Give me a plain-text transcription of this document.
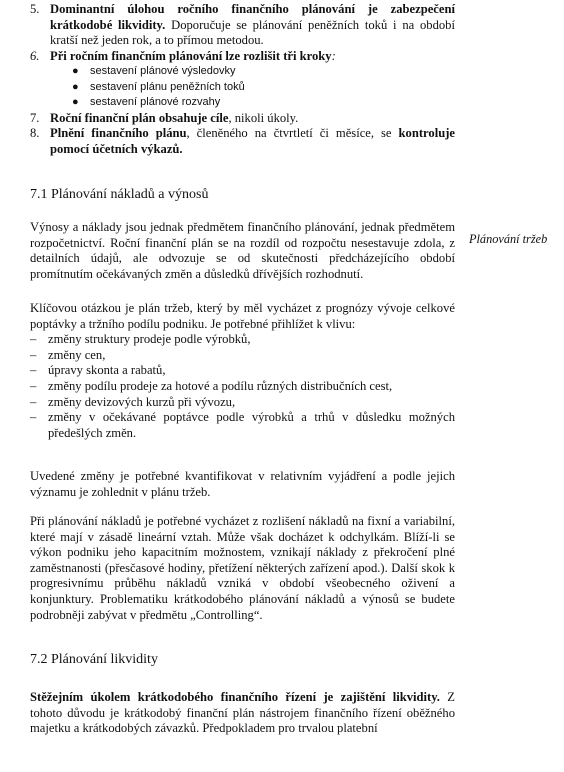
5. Dominantní úlohou ročního finančního plánování je zabezpečení krátkodobé likvidity. Doporučuje se plánování peněžních toků i na období kratší než jeden rok, a to přímou metodou.
6. Při ročním finančním plánování lze rozlišit tři kroky:
● sestavení plánové výsledovky
● sestavení plánu peněžních toků
● sestavení plánové rozvahy
7. Roční finanční plán obsahuje cíle, nikoli úkoly.
8. Plnění finančního plánu, členěného na čtvrtletí či měsíce, se kontroluje pomocí účetních výkazů.
7.1 Plánování nákladů a výnosů
Plánování tržeb

Výnosy a náklady jsou jednak předmětem finančního plánování, jednak předmětem rozpočetnictví. Roční finanční plán se na rozdíl od rozpočtu nesestavuje zdola, z detailních údajů, ale odvozuje se od skutečnosti předcházejícího období promítnutím očekávaných změn a důsledků dřívějších rozhodnutí.

Klíčovou otázkou je plán tržeb, který by měl vycházet z prognózy vývoje celkové poptávky a tržního podílu podniku. Je potřebné přihlížet k vlivu:

– změny struktury prodeje podle výrobků,
– změny cen,
– úpravy skonta a rabatů,
– změny podílu prodeje za hotové a podílu různých distribučních cest,
– změny devizových kurzů při vývozu,
– změny v očekávané poptávce podle výrobků a trhů v důsledku možných předešlých změn.

Uvedené změny je potřebné kvantifikovat v relativním vyjádření a podle jejich významu je zohlednit v plánu tržeb.

Při plánování nákladů je potřebné vycházet z rozlišení nákladů na fixní a variabilní, které mají v zásadě lineární vztah. Může však docházet k odchylkám. Blíží-li se výkon podniku jeho kapacitním možnostem, vznikají náklady z překročení plné zaměstnanosti (přesčasové hodiny, přetížení některých zařízení apod.). Další skok k progresivnímu průběhu nákladů vzniká v období všeobecného oživení a konjunktury. Problematiku krátkodobého plánování nákladů a výnosů se budete podrobněji zabývat v předmětu „Controlling“.

7.2 Plánování likvidity

Stěžejním úkolem krátkodobého finančního řízení je zajištění likvidity. Z tohoto důvodu je krátkodobý finanční plán nástrojem finančního řízení oběžného majetku a krátkodobých závazků. Předpokladem pro trvalou platební
